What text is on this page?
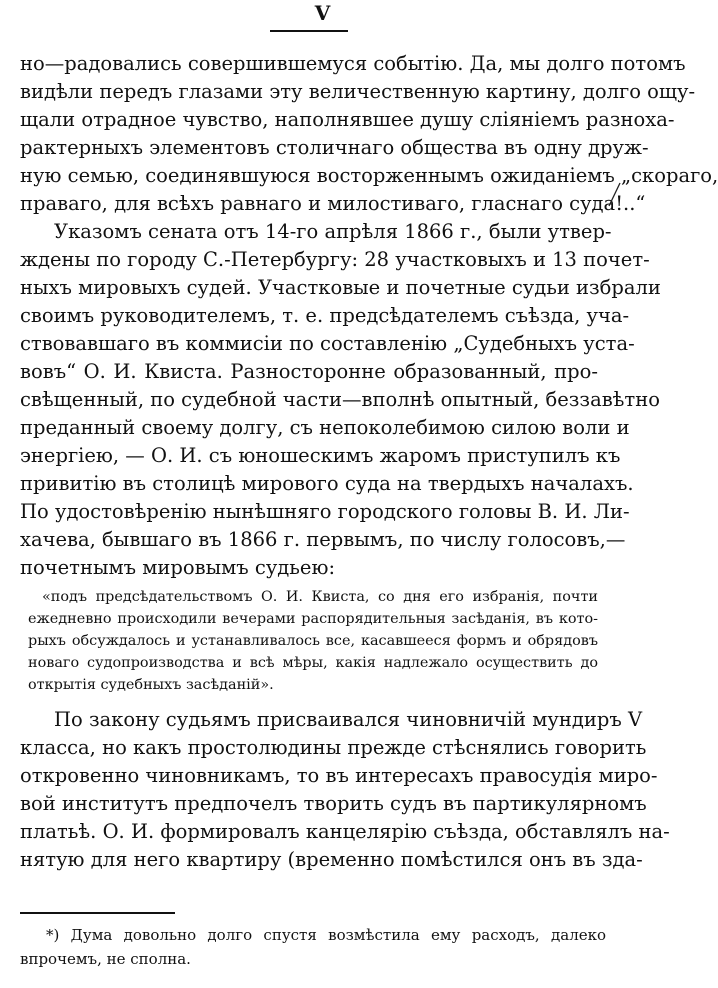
V
но—радовались совершившемуся событію. Да, мы долго потомъ
видѣли передъ глазами эту величественную картину, долго ощу-
щали отрадное чувство, наполнявшее душу сліяніемъ разноха-
рактерныхъ элементовъ столичнаго общества въ одну друж-
ную семью, соединявшуюся восторженнымъ ожиданіемъ „скораго,
праваго, для всѣхъ равнаго и милостиваго, гласнаго суда!..“
Указомъ сената отъ 14-го апрѣля 1866 г., были утвер-
ждены по городу С.-Петербургу: 28 участковыхъ и 13 почет-
ныхъ мировыхъ судей. Участковые и почетные судьи избрали
своимъ руководителемъ, т. е. предсѣдателемъ съѣзда, уча-
ствовавшаго въ коммисіи по составленію „Судебныхъ уста-
вовъ“ О. И. Квиста. Разносторонне образованный, про-
свѣщенный, по судебной части—вполнѣ опытный, беззавѣтно
преданный своему долгу, съ непоколебимою силою воли и
энергіею, — О. И. съ юношескимъ жаромъ приступилъ къ
привитію въ столицѣ мирового суда на твердыхъ началахъ.
По удостовѣренію нынѣшняго городского головы В. И. Ли-
хачева, бывшаго въ 1866 г. первымъ, по числу голосовъ,—
почетнымъ мировымъ судьею:
«подъ предсѣдательствомъ О. И. Квиста, со дня его избранія, почти
ежедневно происходили вечерами распорядительныя засѣданія, въ кото-
рыхъ обсуждалось и устанавливалось все, касавшееся формъ и обрядовъ
новаго судопроизводства и всѣ мѣры, какія надлежало осуществить до
открытія судебныхъ засѣданій».
По закону судьямъ присваивался чиновничій мундиръ V
класса, но какъ простолюдины прежде стѣснялись говорить
откровенно чиновникамъ, то въ интересахъ правосудія миро-
вой институтъ предпочелъ творить судъ въ партикулярномъ
платьѣ. О. И. формировалъ канцелярію съѣзда, обставлялъ на-
нятую для него квартиру (временно помѣстился онъ въ зда-
*) Дума довольно долго спустя возмѣстила ему расходъ, далеко
впрочемъ, не сполна.
